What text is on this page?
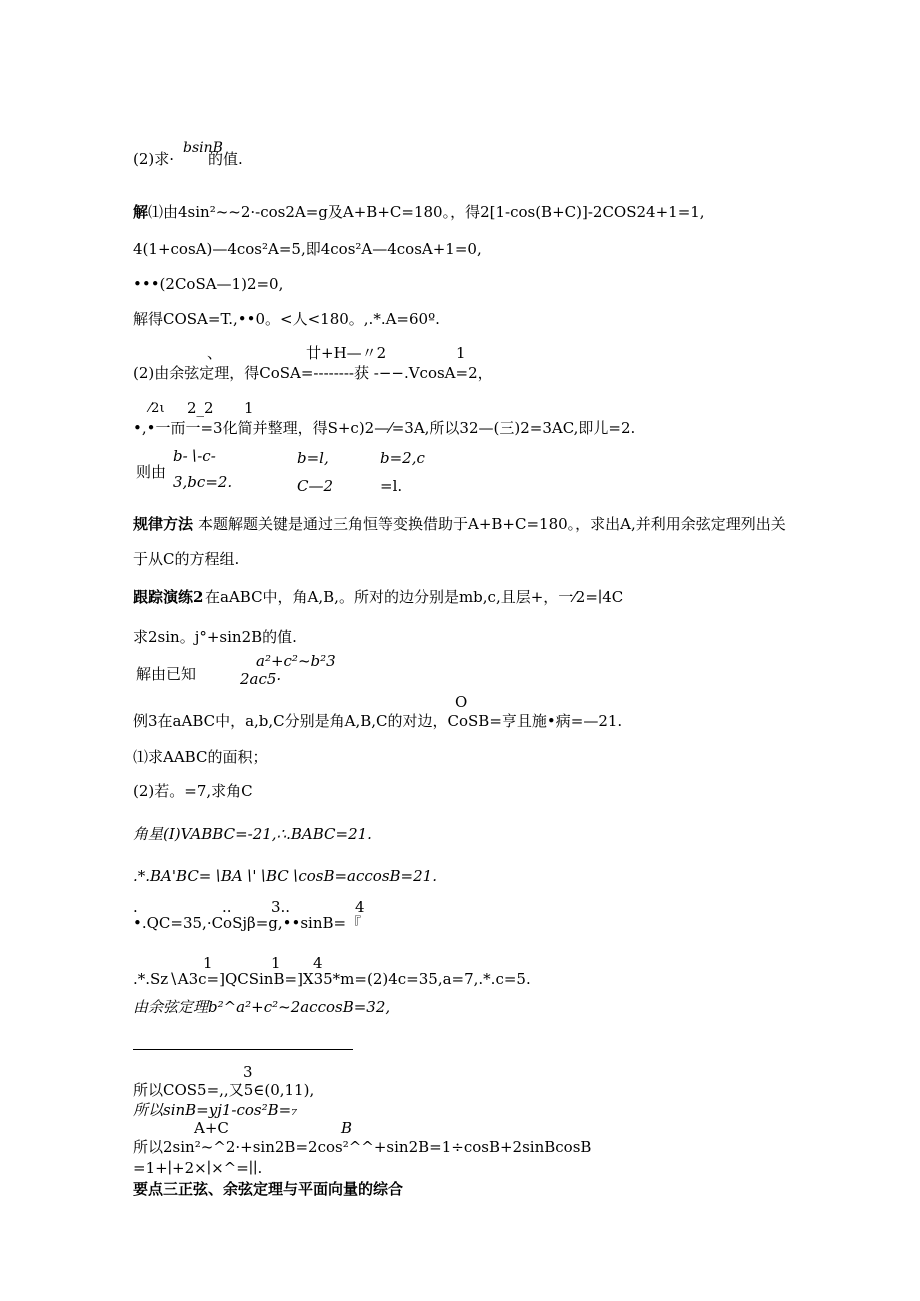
(2)求·
bsinB
的值.
解 ⑴由4sin²~~2·-cos2A=g及A+B+C=180。，得2[1-cos(B+C)]-2COS24+1=1,
4(1+cosA)—4cos²A=5,即4cos²A—4cosA+1=0,
•••(2CoSA—1)2=0,
解得COSA=T.,••0。<人<180。,.*.A=60º.
、	廿+H—〃2	1
(2)由余弦定理，得CoSA=--------获 -−−.VcosA=2，
⁄2ι 2_2 1
•,•一而一=3化简并整理，得S+c)2—⁄=3A,所以32—(三)2=3AC,即儿=2.
b-∖-c-	b=l,	b=2,c
则由
3,bc=2.	C—2	=l.
规律方法 本题解题关键是通过三角恒等变换借助于A+B+C=180。，求出A,并利用余弦定理列出关
于从C的方程组.
跟踪演练2 在aABC中，角A,B,。所对的边分别是mb,c,且层+，一⁄2=∣4C
求2sin。j°+sin2B的值.
a²+c²~b²3
解由已知	2ac5·
O
例3在aABC中，a,b,C分别是角A,B,C的对边，CoSB=亨且施•病=—21.
⑴求AABC的面积；
(2)若。=7,求角C
角星(I)VABBC=-21,∴.BABC=21.
.*.BA'BC=∖BA∖'∖BC∖cosB=accosB=21.
.	..	3..	4
•.QC=35,·CoSjβ=g,••sinB=『
1	1 4
.*.Sz∖A3c=]QCSinB=]X35*m=(2)4c=35,a=7,.*.c=5.
由余弦定理b²^a²+c²~2accosB=32,
3
所以COS5=,,又5∈(0,11),
所以sinB=yj1-cos²B=₇
A+C	B
所以2sin²~^2·+sin2B=2cos²^^+sin2B=1÷cosB+2sinBcosB
=1+∣+2×∣×^=∣∣.
要点三正弦、余弦定理与平面向量的综合
